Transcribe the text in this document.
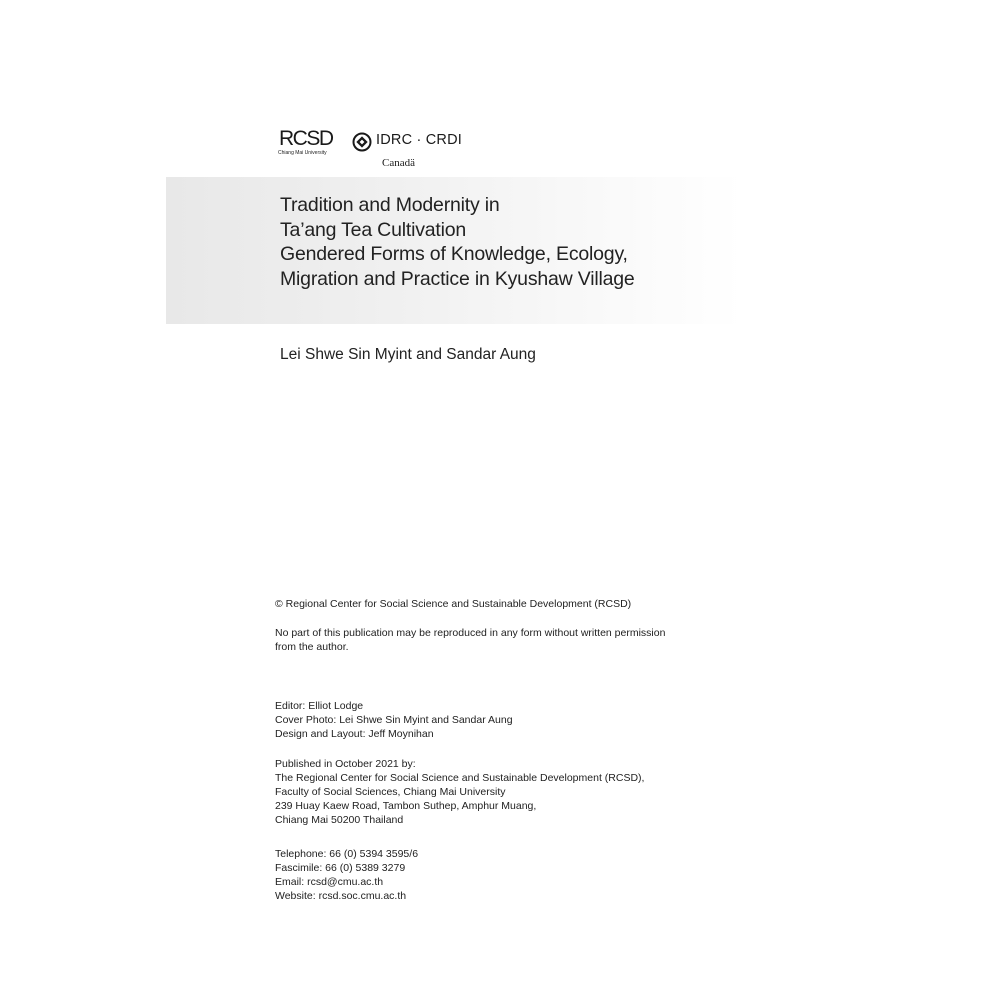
RCSD
Chiang Mai University
IDRC · CRDI
Canadä
Tradition and Modernity in
Ta’ang Tea Cultivation
Gendered Forms of Knowledge, Ecology,
Migration and Practice in Kyushaw Village
Lei Shwe Sin Myint and Sandar Aung
© Regional Center for Social Science and Sustainable Development (RCSD)
No part of this publication may be reproduced in any form without written permission
from the author.
Editor: Elliot Lodge
Cover Photo: Lei Shwe Sin Myint and Sandar Aung
Design and Layout: Jeff Moynihan
Published in October 2021 by:
The Regional Center for Social Science and Sustainable Development (RCSD),
Faculty of Social Sciences, Chiang Mai University
239 Huay Kaew Road, Tambon Suthep, Amphur Muang,
Chiang Mai 50200 Thailand
Telephone: 66 (0) 5394 3595/6
Fascimile: 66 (0) 5389 3279
Email: rcsd@cmu.ac.th
Website: rcsd.soc.cmu.ac.th
